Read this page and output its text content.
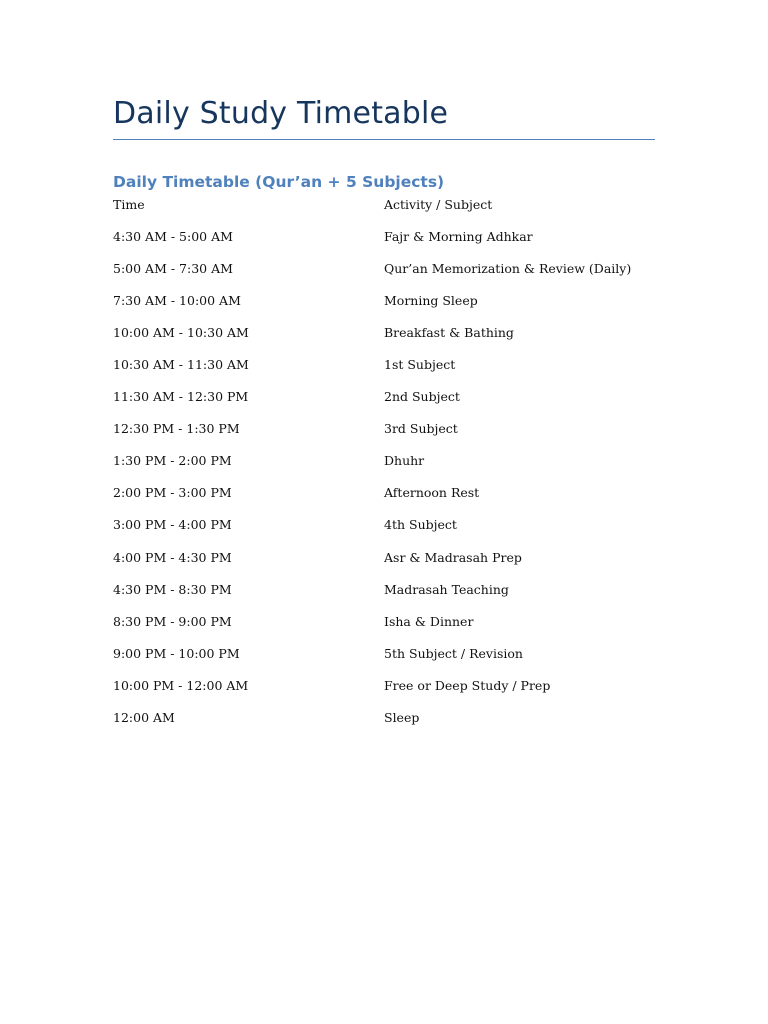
Daily Study Timetable
Daily Timetable (Qur’an + 5 Subjects)
Time	Activity / Subject
4:30 AM - 5:00 AM	Fajr & Morning Adhkar
5:00 AM - 7:30 AM	Qur’an Memorization & Review (Daily)
7:30 AM - 10:00 AM	Morning Sleep
10:00 AM - 10:30 AM	Breakfast & Bathing
10:30 AM - 11:30 AM	1st Subject
11:30 AM - 12:30 PM	2nd Subject
12:30 PM - 1:30 PM	3rd Subject
1:30 PM - 2:00 PM	Dhuhr
2:00 PM - 3:00 PM	Afternoon Rest
3:00 PM - 4:00 PM	4th Subject
4:00 PM - 4:30 PM	Asr & Madrasah Prep
4:30 PM - 8:30 PM	Madrasah Teaching
8:30 PM - 9:00 PM	Isha & Dinner
9:00 PM - 10:00 PM	5th Subject / Revision
10:00 PM - 12:00 AM	Free or Deep Study / Prep
12:00 AM	Sleep
